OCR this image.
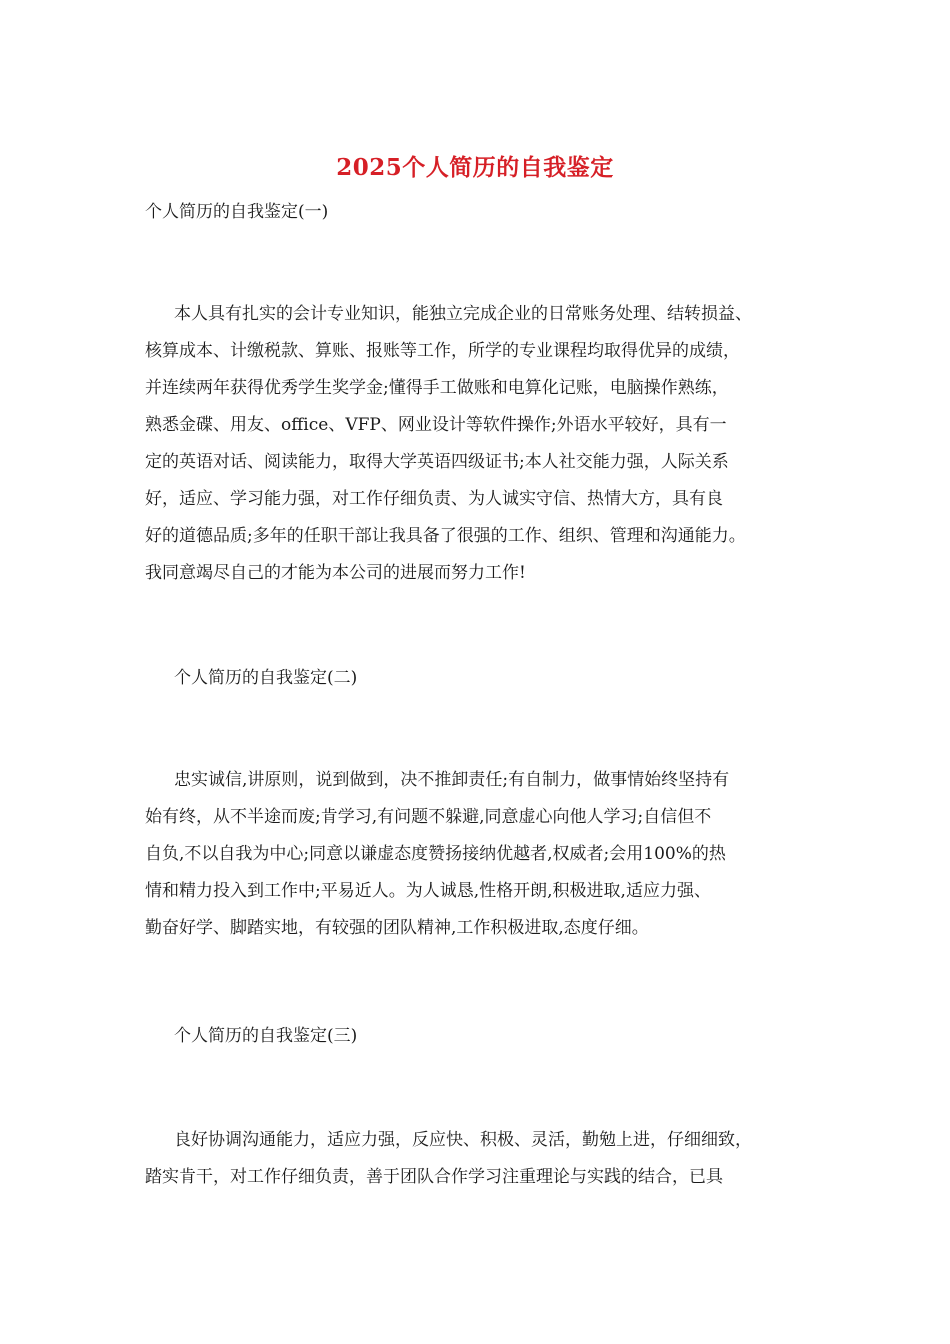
2025个人简历的自我鉴定
个人简历的自我鉴定(一)
本人具有扎实的会计专业知识，能独立完成企业的日常账务处理、结转损益、
核算成本、计缴税款、算账、报账等工作，所学的专业课程均取得优异的成绩，
并连续两年获得优秀学生奖学金;懂得手工做账和电算化记账，电脑操作熟练，
熟悉金碟、用友、office、VFP、网业设计等软件操作;外语水平较好，具有一
定的英语对话、阅读能力，取得大学英语四级证书;本人社交能力强，人际关系
好，适应、学习能力强，对工作仔细负责、为人诚实守信、热情大方，具有良
好的道德品质;多年的任职干部让我具备了很强的工作、组织、管理和沟通能力。
我同意竭尽自己的才能为本公司的进展而努力工作!
个人简历的自我鉴定(二)
忠实诚信,讲原则，说到做到，决不推卸责任;有自制力，做事情始终坚持有
始有终，从不半途而废;肯学习,有问题不躲避,同意虚心向他人学习;自信但不
自负,不以自我为中心;同意以谦虚态度赞扬接纳优越者,权威者;会用100%的热
情和精力投入到工作中;平易近人。为人诚恳,性格开朗,积极进取,适应力强、
勤奋好学、脚踏实地，有较强的团队精神,工作积极进取,态度仔细。
个人简历的自我鉴定(三)
良好协调沟通能力，适应力强，反应快、积极、灵活，勤勉上进，仔细细致，
踏实肯干，对工作仔细负责，善于团队合作学习注重理论与实践的结合，已具
